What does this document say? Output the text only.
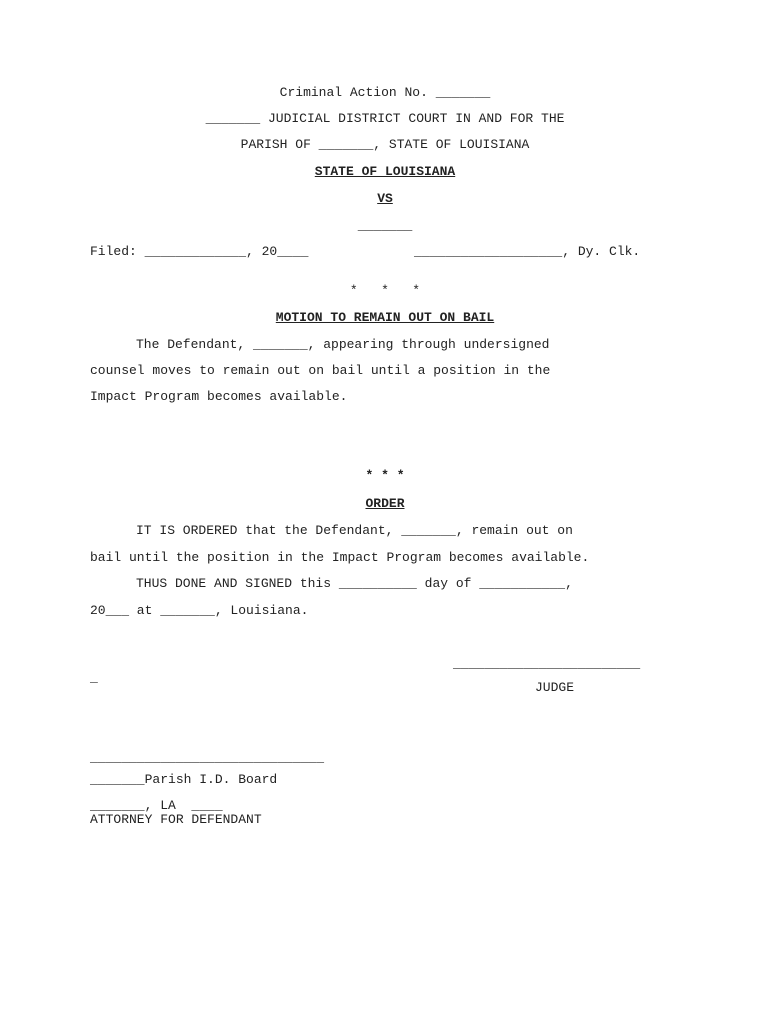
Criminal Action No. _______
_______ JUDICIAL DISTRICT COURT IN AND FOR THE
PARISH OF _______, STATE OF LOUISIANA
STATE OF LOUISIANA
VS
_______
Filed: _____________, 20____	___________________, Dy. Clk.
*   *   *
MOTION TO REMAIN OUT ON BAIL
The Defendant, _______, appearing through undersigned
counsel moves to remain out on bail until a position in the
Impact Program becomes available.
* * *
ORDER
IT IS ORDERED that the Defendant, _______, remain out on
bail until the position in the Impact Program becomes available.
THUS DONE AND SIGNED this __________ day of ___________,
20___ at _______, Louisiana.
________________________
_
JUDGE
______________________________
_______Parish I.D. Board
_______, LA  ____
ATTORNEY FOR DEFENDANT
